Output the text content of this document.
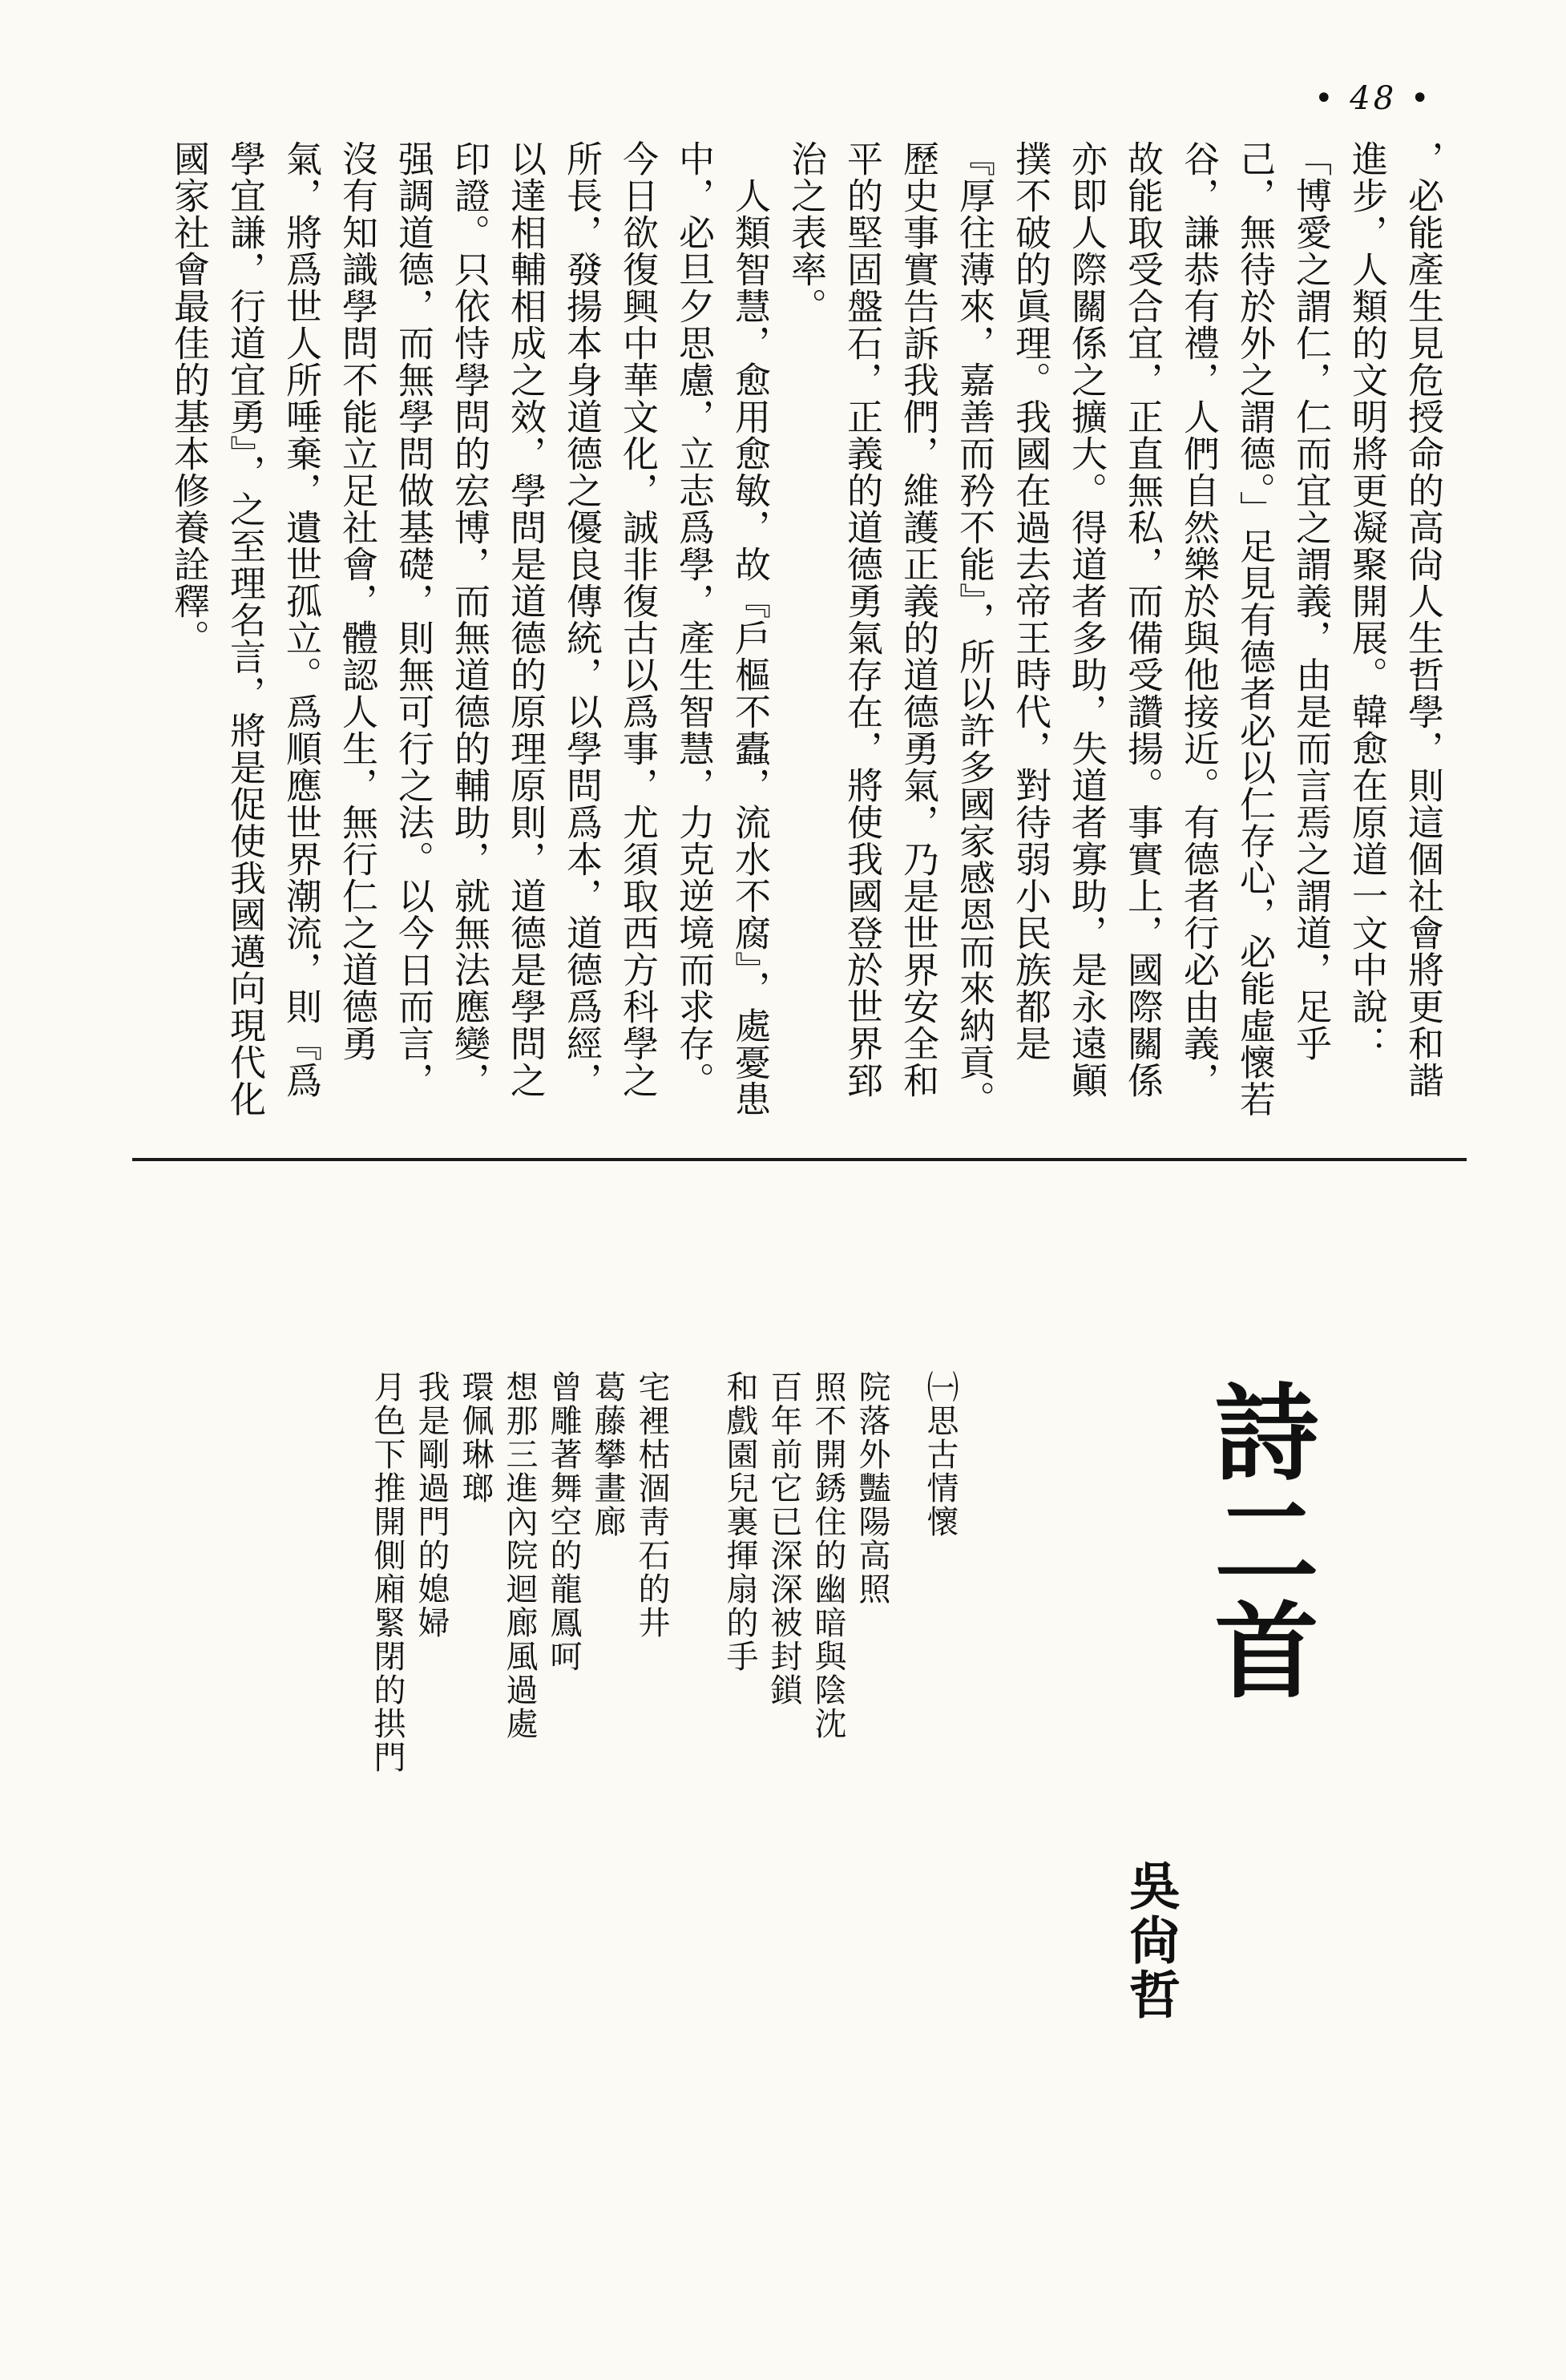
• 48 •

，必能產生見危授命的高尙人生哲學，則這個社會將更和諧進步，人類的文明將更凝聚開展。韓愈在原道一文中說：「博愛之謂仁，仁而宜之謂義，由是而言焉之謂道，足乎己，無待於外之謂德。」足見有德者必以仁存心，必能虛懷若谷，謙恭有禮，人們自然樂於與他接近。有德者行必由義，故能取受合宜，正直無私，而備受讚揚。事實上，國際關係亦即人際關係之擴大。得道者多助，失道者寡助，是永遠顚撲不破的眞理。我國在過去帝王時代，對待弱小民族都是『厚往薄來，嘉善而矜不能』，所以許多國家感恩而來納貢。歷史事實告訴我們，維護正義的道德勇氣，乃是世界安全和平的堅固盤石，正義的道德勇氣存在，將使我國登於世界郅治之表率。

　人類智慧，愈用愈敏，故『戶樞不蠹，流水不腐』，處憂患中，必旦夕思慮，立志爲學，產生智慧，力克逆境而求存。今日欲復興中華文化，誠非復古以爲事，尤須取西方科學之所長，發揚本身道德之優良傳統，以學問爲本，道德爲經，以達相輔相成之效，學問是道德的原理原則，道德是學問之印證。只依恃學問的宏博，而無道德的輔助，就無法應變，强調道德，而無學問做基礎，則無可行之法。以今日而言，沒有知識學問不能立足社會，體認人生，無行仁之道德勇氣，將爲世人所唾棄，遺世孤立。爲順應世界潮流，則『爲學宜謙，行道宜勇』，之至理名言，將是促使我國邁向現代化國家社會最佳的基本修養詮釋。

詩二首
吳尙哲
㈠思古情懷
院落外豔陽高照
照不開銹住的幽暗與陰沈
百年前它已深深被封鎖
和戲園兒裏揮扇的手
宅裡枯涸靑石的井
葛藤攀畫廊
曾雕著舞空的龍鳳呵
想那三進內院迴廊風過處
環佩琳瑯
我是剛過門的媳婦
月色下推開側廂緊閉的拱門
